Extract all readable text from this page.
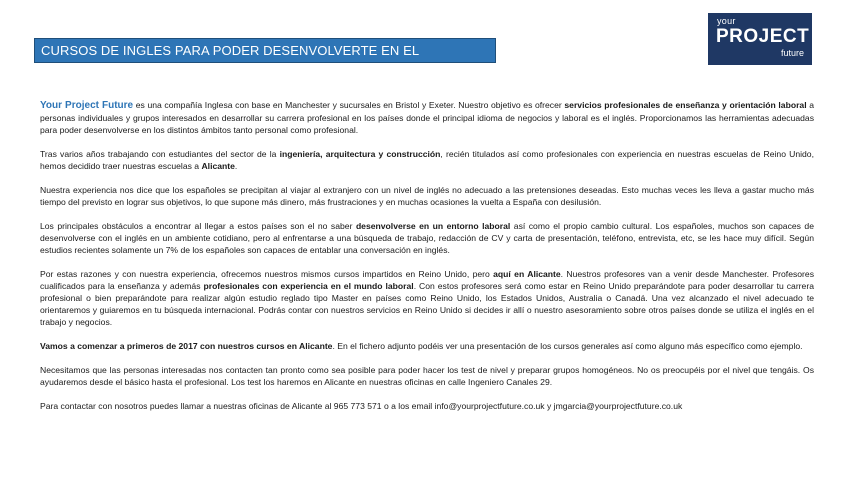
CURSOS DE INGLES PARA PODER DESENVOLVERTE EN EL EXTRANJERO
your
PROJECT
future

Your Project Future es una compañía Inglesa con base en Manchester y sucursales en Bristol y Exeter. Nuestro objetivo es ofrecer servicios profesionales de enseñanza y orientación laboral a personas individuales y grupos interesados en desarrollar su carrera profesional en los países donde el principal idioma de negocios y laboral es el inglés. Proporcionamos las herramientas adecuadas para poder desenvolverse en los distintos ámbitos tanto personal como profesional.

Tras varios años trabajando con estudiantes del sector de la ingeniería, arquitectura y construcción, recién titulados así como profesionales con experiencia en nuestras escuelas de Reino Unido, hemos decidido traer nuestras escuelas a Alicante.

Nuestra experiencia nos dice que los españoles se precipitan al viajar al extranjero con un nivel de inglés no adecuado a las pretensiones deseadas. Esto muchas veces les lleva a gastar mucho más tiempo del previsto en lograr sus objetivos, lo que supone más dinero, más frustraciones y en muchas ocasiones la vuelta a España con desilusión.

Los principales obstáculos a encontrar al llegar a estos países son el no saber desenvolverse en un entorno laboral así como el propio cambio cultural. Los españoles, muchos son capaces de desenvolverse con el inglés en un ambiente cotidiano, pero al enfrentarse a una búsqueda de trabajo, redacción de CV y carta de presentación, teléfono, entrevista, etc, se les hace muy difícil. Según estudios recientes solamente un 7% de los españoles son capaces de entablar una conversación en inglés.

Por estas razones y con nuestra experiencia, ofrecemos nuestros mismos cursos impartidos en Reino Unido, pero aquí en Alicante. Nuestros profesores van a venir desde Manchester. Profesores cualificados para la enseñanza y además profesionales con experiencia en el mundo laboral. Con estos profesores será como estar en Reino Unido preparándote para poder desarrollar tu carrera profesional o bien preparándote para realizar algún estudio reglado tipo Master en países como Reino Unido, los Estados Unidos, Australia o Canadá. Una vez alcanzado el nivel adecuado te orientaremos y guiaremos en tu búsqueda internacional. Podrás contar con nuestros servicios en Reino Unido si decides ir allí o nuestro asesoramiento sobre otros países donde se utiliza el inglés en el trabajo y negocios.

Vamos a comenzar a primeros de 2017 con nuestros cursos en Alicante. En el fichero adjunto podéis ver una presentación de los cursos generales así como alguno más específico como ejemplo.

Necesitamos que las personas interesadas nos contacten tan pronto como sea posible para poder hacer los test de nivel y preparar grupos homogéneos. No os preocupéis por el nivel que tengáis. Os ayudaremos desde el básico hasta el profesional. Los test los haremos en Alicante en nuestras oficinas en calle Ingeniero Canales 29.

Para contactar con nosotros puedes llamar a nuestras oficinas de Alicante al 965 773 571 o a los email info@yourprojectfuture.co.uk y jmgarcia@yourprojectfuture.co.uk
